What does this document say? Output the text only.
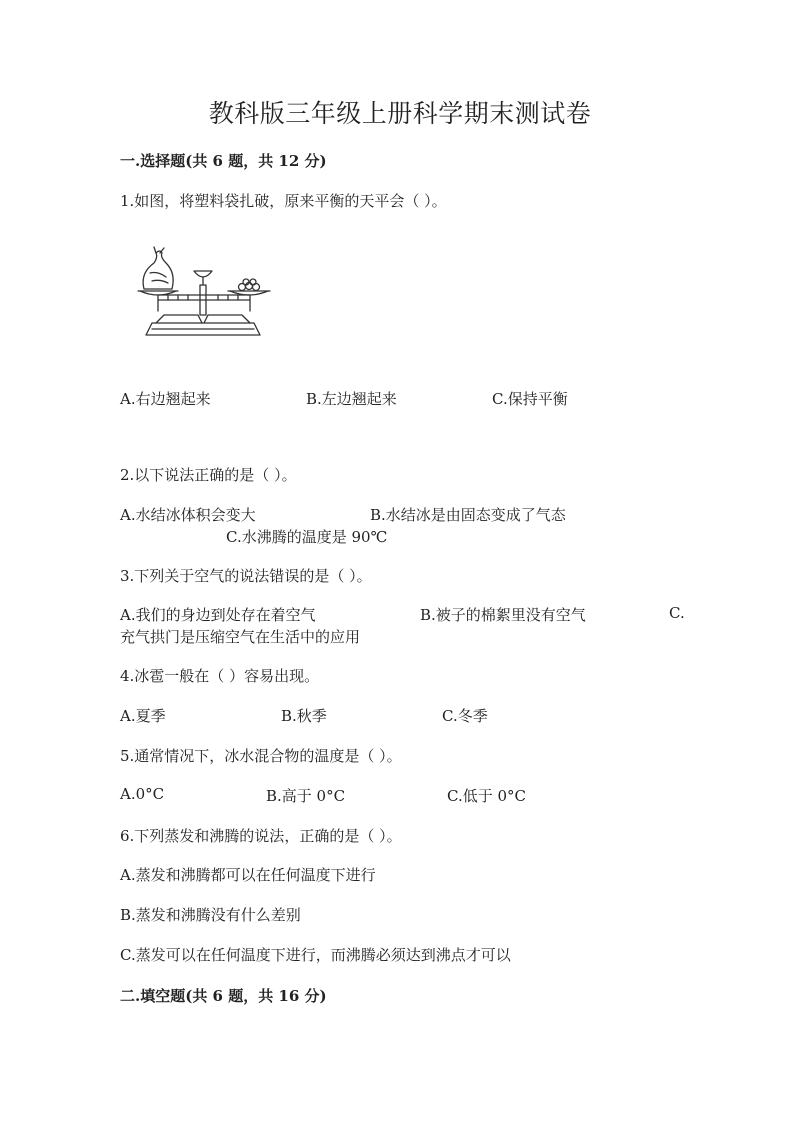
教科版三年级上册科学期末测试卷
一.选择题(共 6 题，共 12 分)
1.如图，将塑料袋扎破，原来平衡的天平会（ ）。
A.右边翘起来	B.左边翘起来	C.保持平衡
2.以下说法正确的是（ ）。
A.水结冰体积会变大	B.水结冰是由固态变成了气态
C.水沸腾的温度是 90℃
3.下列关于空气的说法错误的是（ ）。
A.我们的身边到处存在着空气	B.被子的棉絮里没有空气	C.
充气拱门是压缩空气在生活中的应用
4.冰雹一般在（ ）容易出现。
A.夏季	B.秋季	C.冬季
5.通常情况下，冰水混合物的温度是（ ）。
A.0°C	B.高于 0°C	C.低于 0°C
6.下列蒸发和沸腾的说法，正确的是（ ）。
A.蒸发和沸腾都可以在任何温度下进行
B.蒸发和沸腾没有什么差别
C.蒸发可以在任何温度下进行，而沸腾必须达到沸点才可以
二.填空题(共 6 题，共 16 分)
